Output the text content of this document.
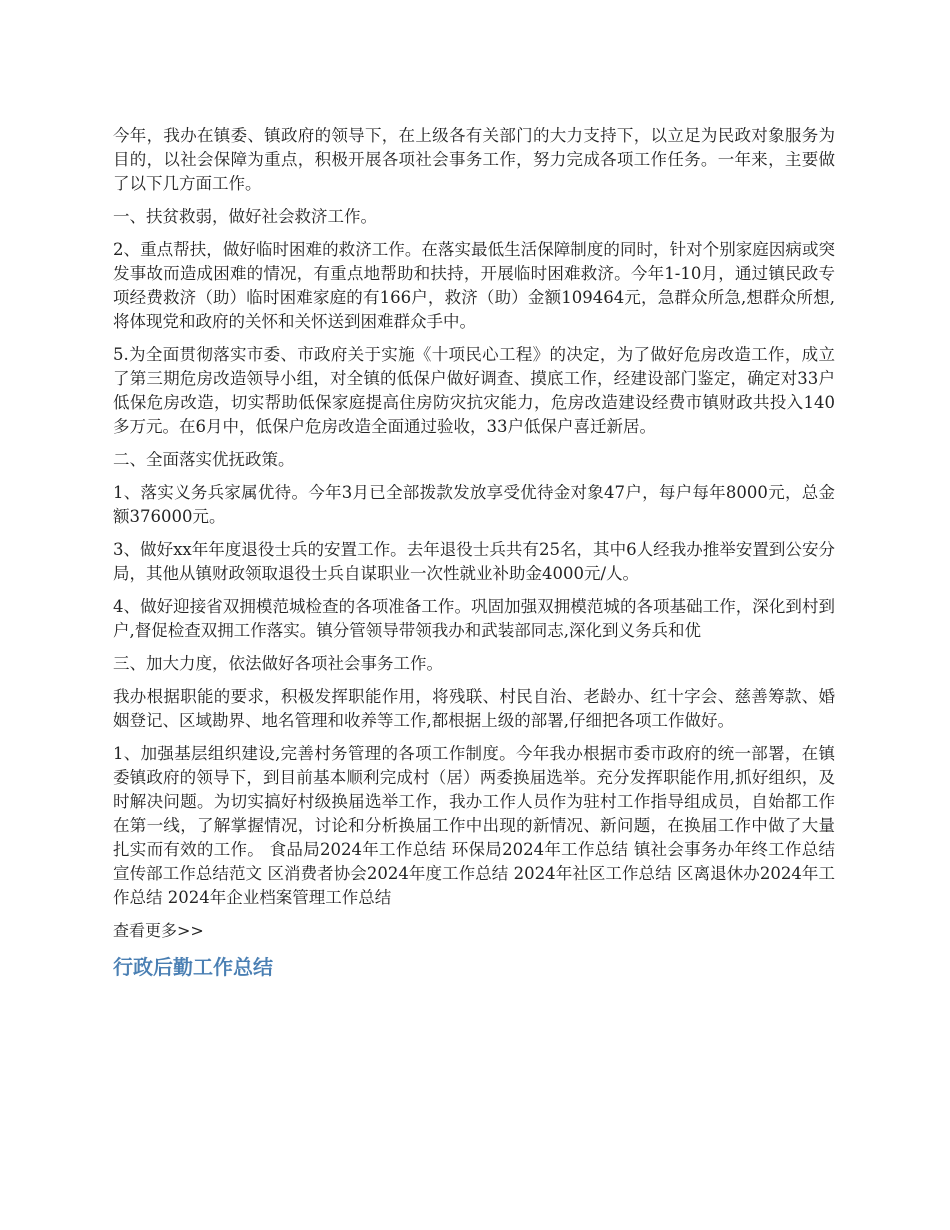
今年，我办在镇委、镇政府的领导下，在上级各有关部门的大力支持下，以立足为民政对象服务为目的，以社会保障为重点，积极开展各项社会事务工作，努力完成各项工作任务。一年来，主要做了以下几方面工作。

一、扶贫救弱，做好社会救济工作。

2、重点帮扶，做好临时困难的救济工作。在落实最低生活保障制度的同时，针对个别家庭因病或突发事故而造成困难的情况，有重点地帮助和扶持，开展临时困难救济。今年1-10月，通过镇民政专项经费救济（助）临时困难家庭的有166户，救济（助）金额109464元，急群众所急,想群众所想,将体现党和政府的关怀和关怀送到困难群众手中。

5.为全面贯彻落实市委、市政府关于实施《十项民心工程》的决定，为了做好危房改造工作，成立了第三期危房改造领导小组，对全镇的低保户做好调查、摸底工作，经建设部门鉴定，确定对33户低保危房改造，切实帮助低保家庭提高住房防灾抗灾能力，危房改造建设经费市镇财政共投入140多万元。在6月中，低保户危房改造全面通过验收，33户低保户喜迁新居。

二、全面落实优抚政策。

1、落实义务兵家属优待。今年3月已全部拨款发放享受优待金对象47户，每户每年8000元，总金额376000元。

3、做好xx年年度退役士兵的安置工作。去年退役士兵共有25名，其中6人经我办推举安置到公安分局，其他从镇财政领取退役士兵自谋职业一次性就业补助金4000元/人。

4、做好迎接省双拥模范城检查的各项准备工作。巩固加强双拥模范城的各项基础工作，深化到村到户,督促检查双拥工作落实。镇分管领导带领我办和武装部同志,深化到义务兵和优

三、加大力度，依法做好各项社会事务工作。

我办根据职能的要求，积极发挥职能作用，将残联、村民自治、老龄办、红十字会、慈善筹款、婚姻登记、区域勘界、地名管理和收养等工作,都根据上级的部署,仔细把各项工作做好。

1、加强基层组织建设,完善村务管理的各项工作制度。今年我办根据市委市政府的统一部署，在镇委镇政府的领导下，到目前基本顺利完成村（居）两委换届选举。充分发挥职能作用,抓好组织，及时解决问题。为切实搞好村级换届选举工作，我办工作人员作为驻村工作指导组成员，自始都工作在第一线，了解掌握情况，讨论和分析换届工作中出现的新情况、新问题，在换届工作中做了大量扎实而有效的工作。 食品局2024年工作总结 环保局2024年工作总结 镇社会事务办年终工作总结 宣传部工作总结范文 区消费者协会2024年度工作总结 2024年社区工作总结 区离退休办2024年工作总结 2024年企业档案管理工作总结

查看更多>>

行政后勤工作总结
